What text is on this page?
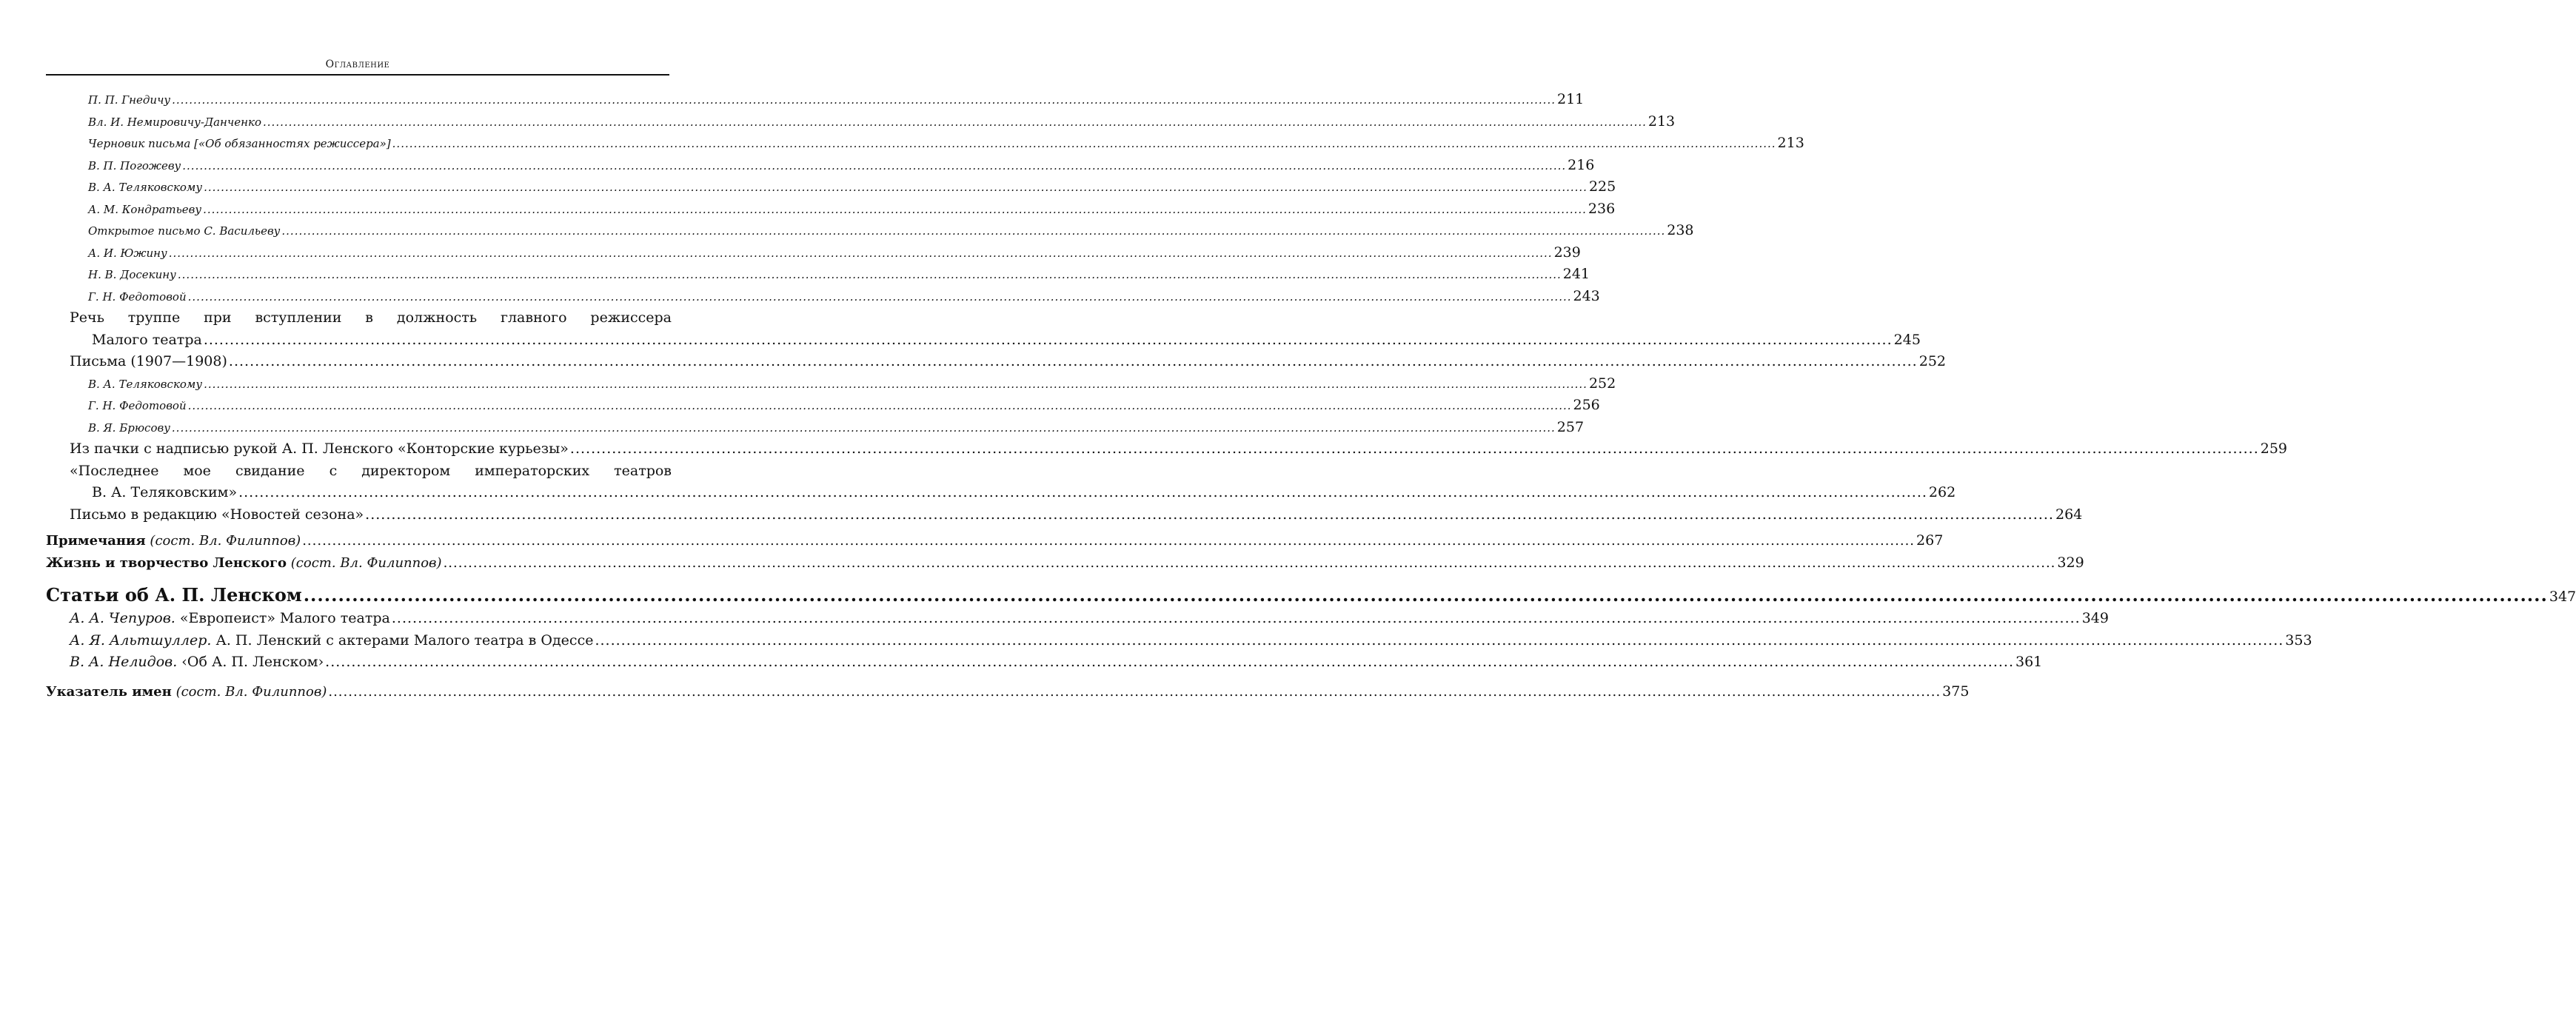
Оглавление
П. П. Гнедичу .....	211
Вл. И. Немировичу-Данченко .....	213
Черновик письма [«Об обязанностях режиссера»] .....	213
В. П. Погожеву .....	216
В. А. Теляковскому .....	225
А. М. Кондратьеву .....	236
Открытое письмо С. Васильеву .....	238
А. И. Южину .....	239
Н. В. Досекину .....	241
Г. Н. Федотовой .....	243
Речь труппе при вступлении в должность главного режиссера
Малого театра .....	245
Письма (1907—1908) .....	252
В. А. Теляковскому .....	252
Г. Н. Федотовой .....	256
В. Я. Брюсову .....	257
Из пачки с надписью рукой А. П. Ленского «Конторские курьезы» .....	259
«Последнее мое свидание с директором императорских театров
В. А. Теляковским» .....	262
Письмо в редакцию «Новостей сезона» .....	264
Примечания (сост. Вл. Филиппов) .....	267
Жизнь и творчество Ленского (сост. Вл. Филиппов) .....	329
Статьи об А. П. Ленском .....	347
А. А. Чепуров. «Европеист» Малого театра .....	349
А. Я. Альтшуллер. А. П. Ленский с актерами Малого театра в Одессе .....	353
В. А. Нелидов. ‹Об А. П. Ленском› .....	361
Указатель имен (сост. Вл. Филиппов) .....	375
